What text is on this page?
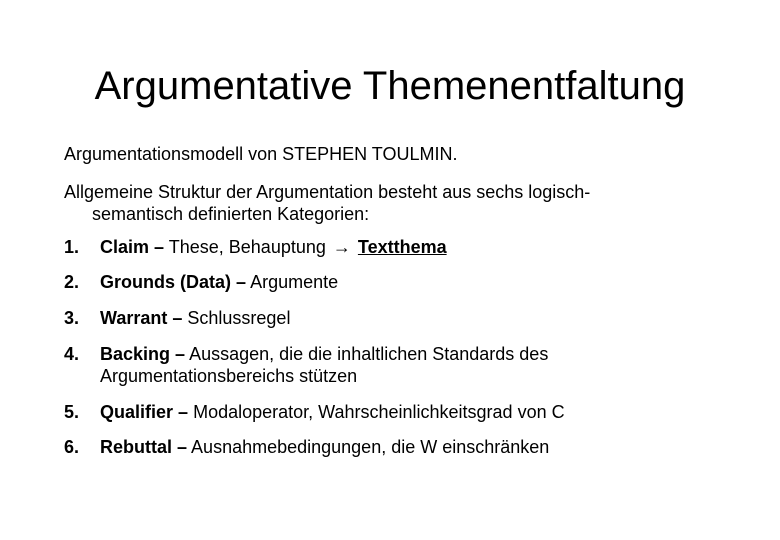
Argumentative Themenentfaltung
Argumentationsmodell von STEPHEN TOULMIN.
Allgemeine Struktur der Argumentation besteht aus sechs logisch-
semantisch definierten Kategorien:
1. Claim – These, Behauptung → Textthema
2. Grounds (Data) – Argumente
3. Warrant – Schlussregel
4. Backing – Aussagen, die die inhaltlichen Standards des
Argumentationsbereichs stützen
5. Qualifier – Modaloperator, Wahrscheinlichkeitsgrad von C
6. Rebuttal – Ausnahmebedingungen, die W einschränken
